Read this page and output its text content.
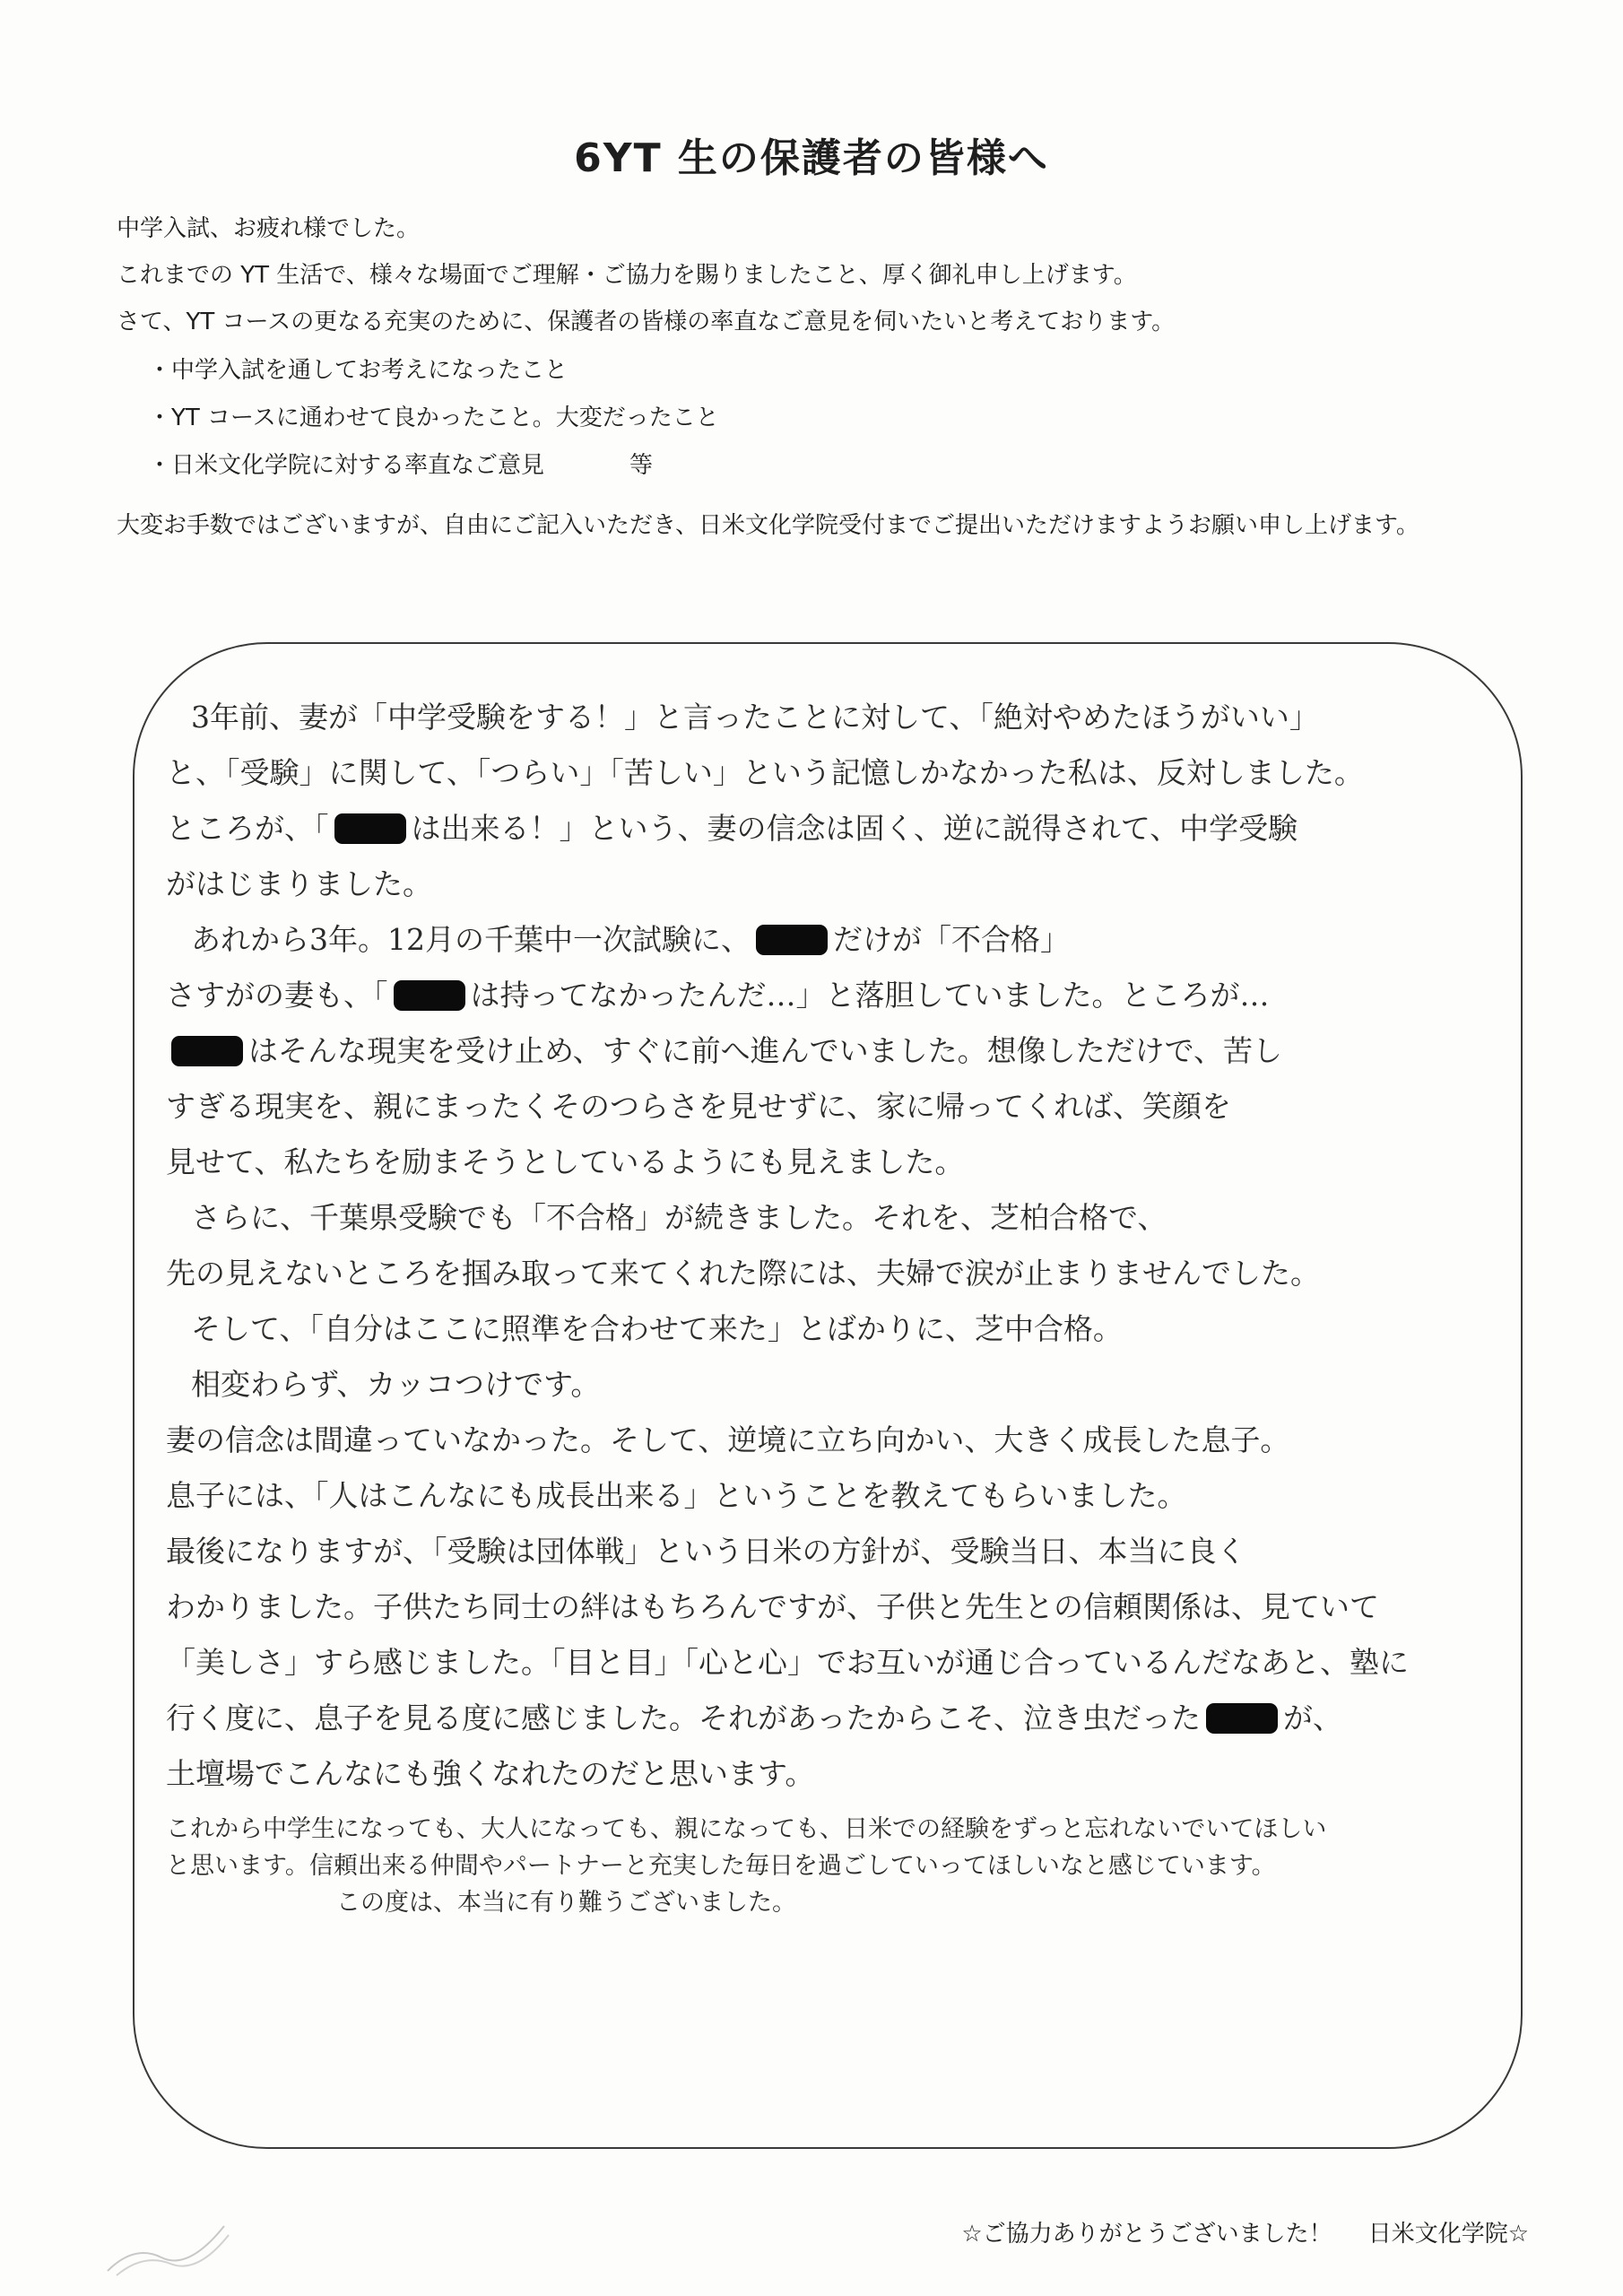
6YT 生の保護者の皆様へ
中学入試、お疲れ様でした。
これまでの YT 生活で、様々な場面でご理解・ご協力を賜りましたこと、厚く御礼申し上げます。
さて、YT コースの更なる充実のために、保護者の皆様の率直なご意見を伺いたいと考えております。
・中学入試を通してお考えになったこと
・YT コースに通わせて良かったこと。大変だったこと
・日米文化学院に対する率直なご意見	等
大変お手数ではございますが、自由にご記入いただき、日米文化学院受付までご提出いただけますようお願い申し上げます。
3年前、妻が「中学受験をする！」と言ったことに対して、「絶対やめたほうがいい」
と、「受験」に関して、「つらい」「苦しい」という記憶しかなかった私は、反対しました。
ところが、「	は出来る！」という、妻の信念は固く、逆に説得されて、中学受験
がはじまりました。
あれから3年。12月の千葉中一次試験に、	だけが「不合格」
さすがの妻も、「	は持ってなかったんだ…」と落胆していました。ところが…
はそんな現実を受け止め、すぐに前へ進んでいました。想像しただけで、苦し
すぎる現実を、親にまったくそのつらさを見せずに、家に帰ってくれば、笑顔を
見せて、私たちを励まそうとしているようにも見えました。
さらに、千葉県受験でも「不合格」が続きました。それを、芝柏合格で、
先の見えないところを掴み取って来てくれた際には、夫婦で涙が止まりませんでした。
そして、「自分はここに照準を合わせて来た」とばかりに、芝中合格。
相変わらず、カッコつけです。
妻の信念は間違っていなかった。そして、逆境に立ち向かい、大きく成長した息子。
息子には、「人はこんなにも成長出来る」ということを教えてもらいました。
最後になりますが、「受験は団体戦」という日米の方針が、受験当日、本当に良く
わかりました。子供たち同士の絆はもちろんですが、子供と先生との信頼関係は、見ていて
「美しさ」すら感じました。「目と目」「心と心」でお互いが通じ合っているんだなあと、塾に
行く度に、息子を見る度に感じました。それがあったからこそ、泣き虫だった	が、
土壇場でこんなにも強くなれたのだと思います。
これから中学生になっても、大人になっても、親になっても、日米での経験をずっと忘れないでいてほしい
と思います。信頼出来る仲間やパートナーと充実した毎日を過ごしていってほしいなと感じています。
この度は、本当に有り難うございました。
☆ご協力ありがとうございました！ 日米文化学院☆
